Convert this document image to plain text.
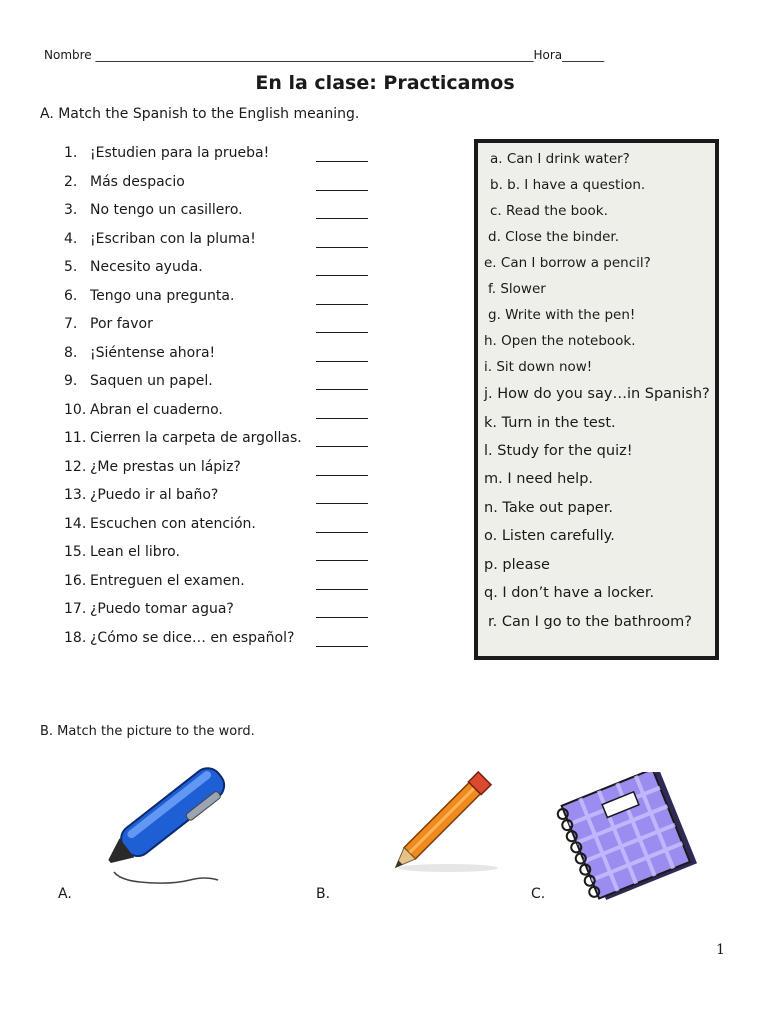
Nombre _________________________________________________________________________Hora_______
En la clase: Practicamos
A. Match the Spanish to the English meaning.
1. ¡Estudien para la prueba!
2. Más despacio
3. No tengo un casillero.
4. ¡Escriban con la pluma!
5. Necesito ayuda.
6. Tengo una pregunta.
7. Por favor
8. ¡Siéntense ahora!
9. Saquen un papel.
10. Abran el cuaderno.
11. Cierren la carpeta de argollas.
12. ¿Me prestas un lápiz?
13. ¿Puedo ir al baño?
14. Escuchen con atención.
15. Lean el libro.
16. Entreguen el examen.
17. ¿Puedo tomar agua?
18. ¿Cómo se dice… en español?
a. Can I drink water?
b. b. I have a question.
c. Read the book.
d. Close the binder.
e. Can I borrow a pencil?
f. Slower
g. Write with the pen!
h. Open the notebook.
i. Sit down now!
j. How do you say…in Spanish?
k. Turn in the test.
l. Study for the quiz!
m. I need help.
n. Take out paper.
o. Listen carefully.
p. please
q. I don’t have a locker.
r. Can I go to the bathroom?
B. Match the picture to the word.
A.	B.	C.
1
